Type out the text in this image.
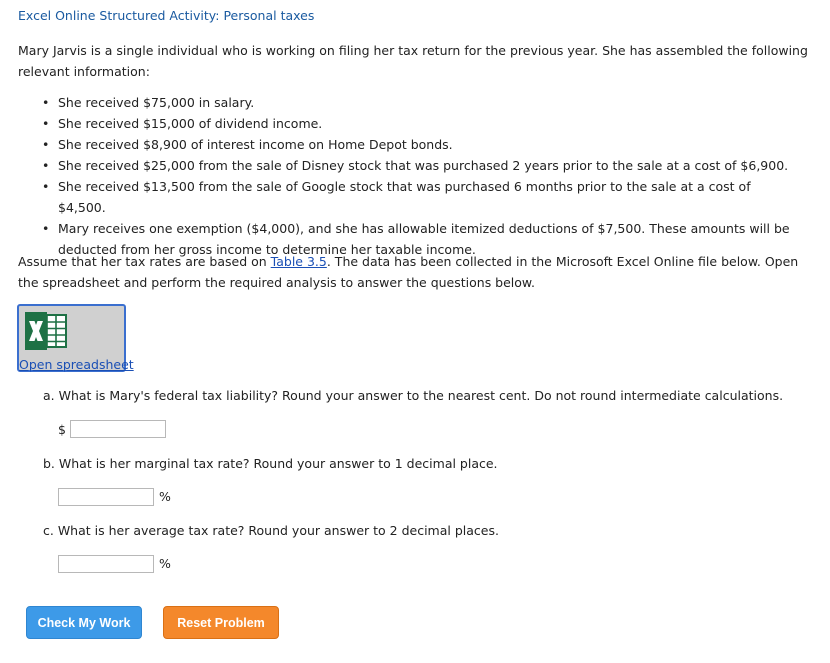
Excel Online Structured Activity: Personal taxes
Mary Jarvis is a single individual who is working on filing her tax return for the previous year. She has assembled the following relevant information:
• She received $75,000 in salary.
• She received $15,000 of dividend income.
• She received $8,900 of interest income on Home Depot bonds.
• She received $25,000 from the sale of Disney stock that was purchased 2 years prior to the sale at a cost of $6,900.
• She received $13,500 from the sale of Google stock that was purchased 6 months prior to the sale at a cost of $4,500.
• Mary receives one exemption ($4,000), and she has allowable itemized deductions of $7,500. These amounts will be deducted from her gross income to determine her taxable income.
Assume that her tax rates are based on Table 3.5. The data has been collected in the Microsoft Excel Online file below. Open the spreadsheet and perform the required analysis to answer the questions below.
Open spreadsheet
a. What is Mary's federal tax liability? Round your answer to the nearest cent. Do not round intermediate calculations.
$
b. What is her marginal tax rate? Round your answer to 1 decimal place.
%
c. What is her average tax rate? Round your answer to 2 decimal places.
%
Check My Work	Reset Problem
